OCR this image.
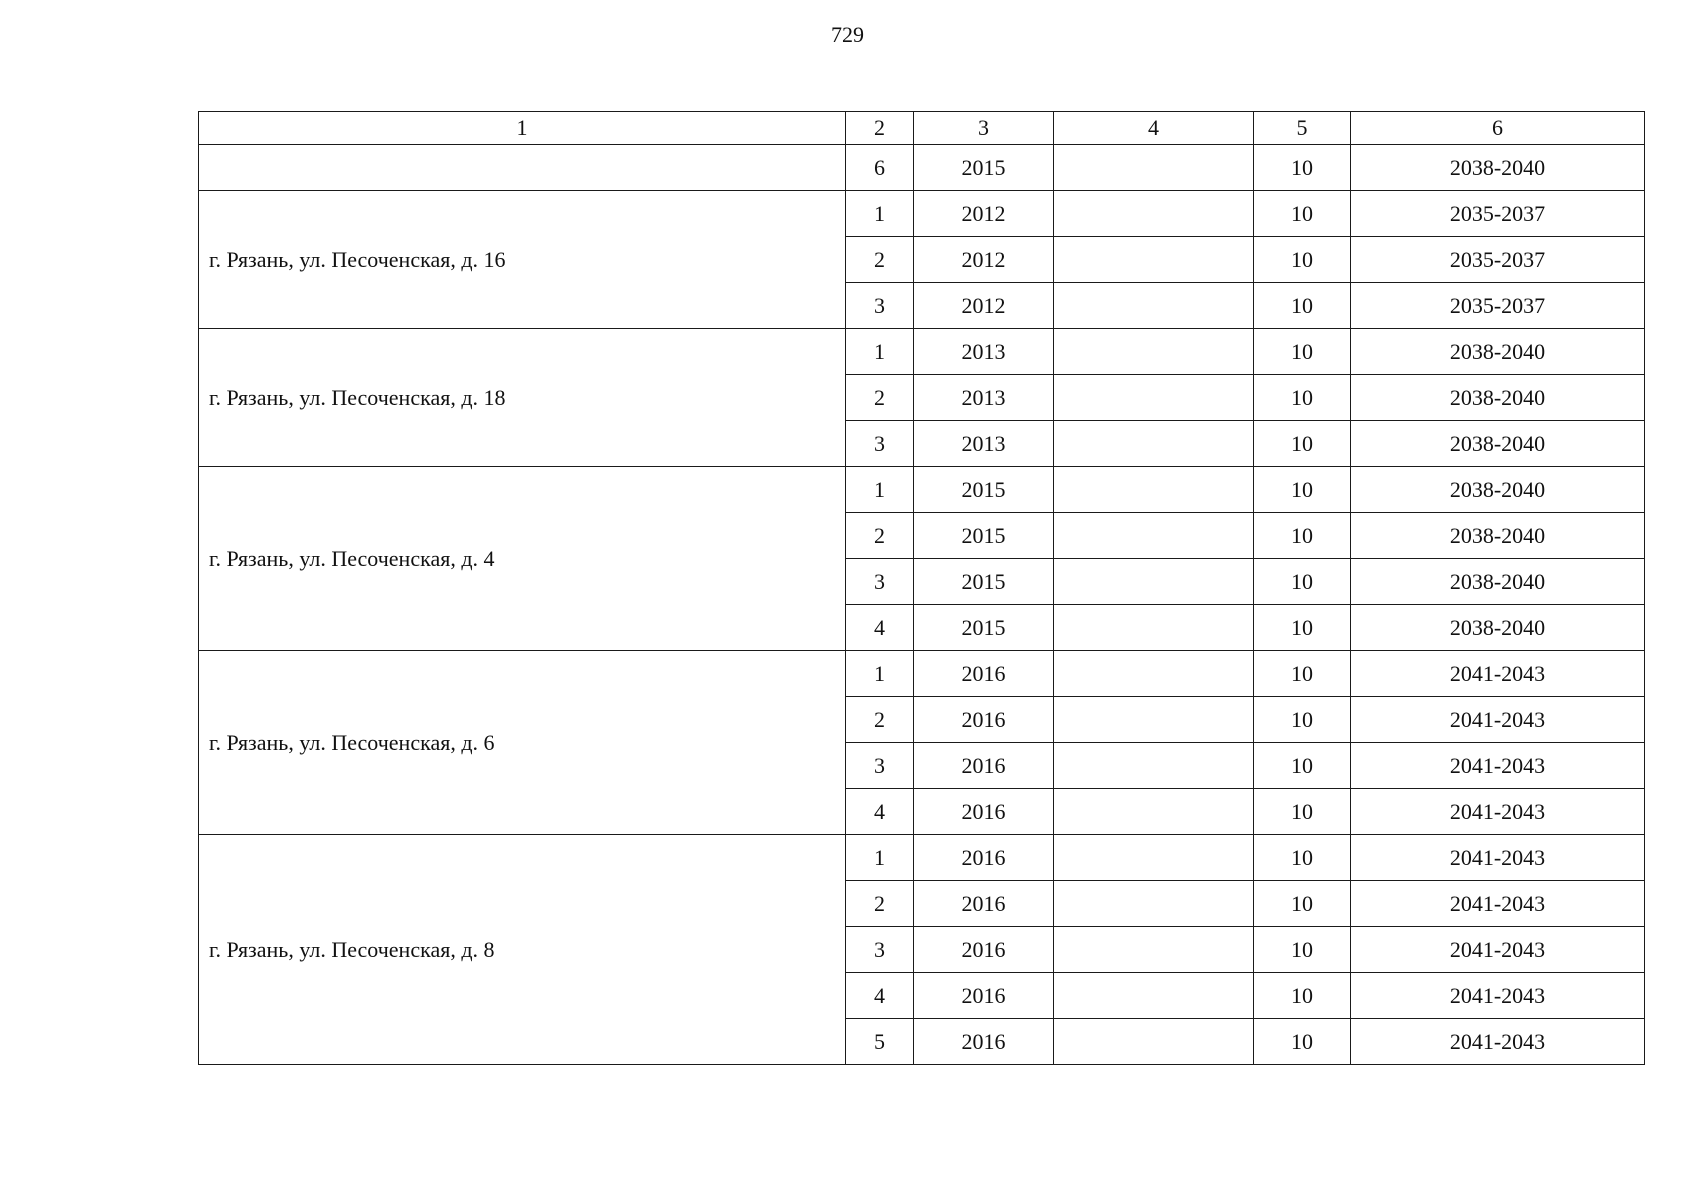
729
1	2	3	4	5	6
	6	2015		10	2038-2040
г. Рязань, ул. Песоченская, д. 16	1	2012		10	2035-2037
	2	2012		10	2035-2037
	3	2012		10	2035-2037
г. Рязань, ул. Песоченская, д. 18	1	2013		10	2038-2040
	2	2013		10	2038-2040
	3	2013		10	2038-2040
г. Рязань, ул. Песоченская, д. 4	1	2015		10	2038-2040
	2	2015		10	2038-2040
	3	2015		10	2038-2040
	4	2015		10	2038-2040
г. Рязань, ул. Песоченская, д. 6	1	2016		10	2041-2043
	2	2016		10	2041-2043
	3	2016		10	2041-2043
	4	2016		10	2041-2043
г. Рязань, ул. Песоченская, д. 8	1	2016		10	2041-2043
	2	2016		10	2041-2043
	3	2016		10	2041-2043
	4	2016		10	2041-2043
	5	2016		10	2041-2043
